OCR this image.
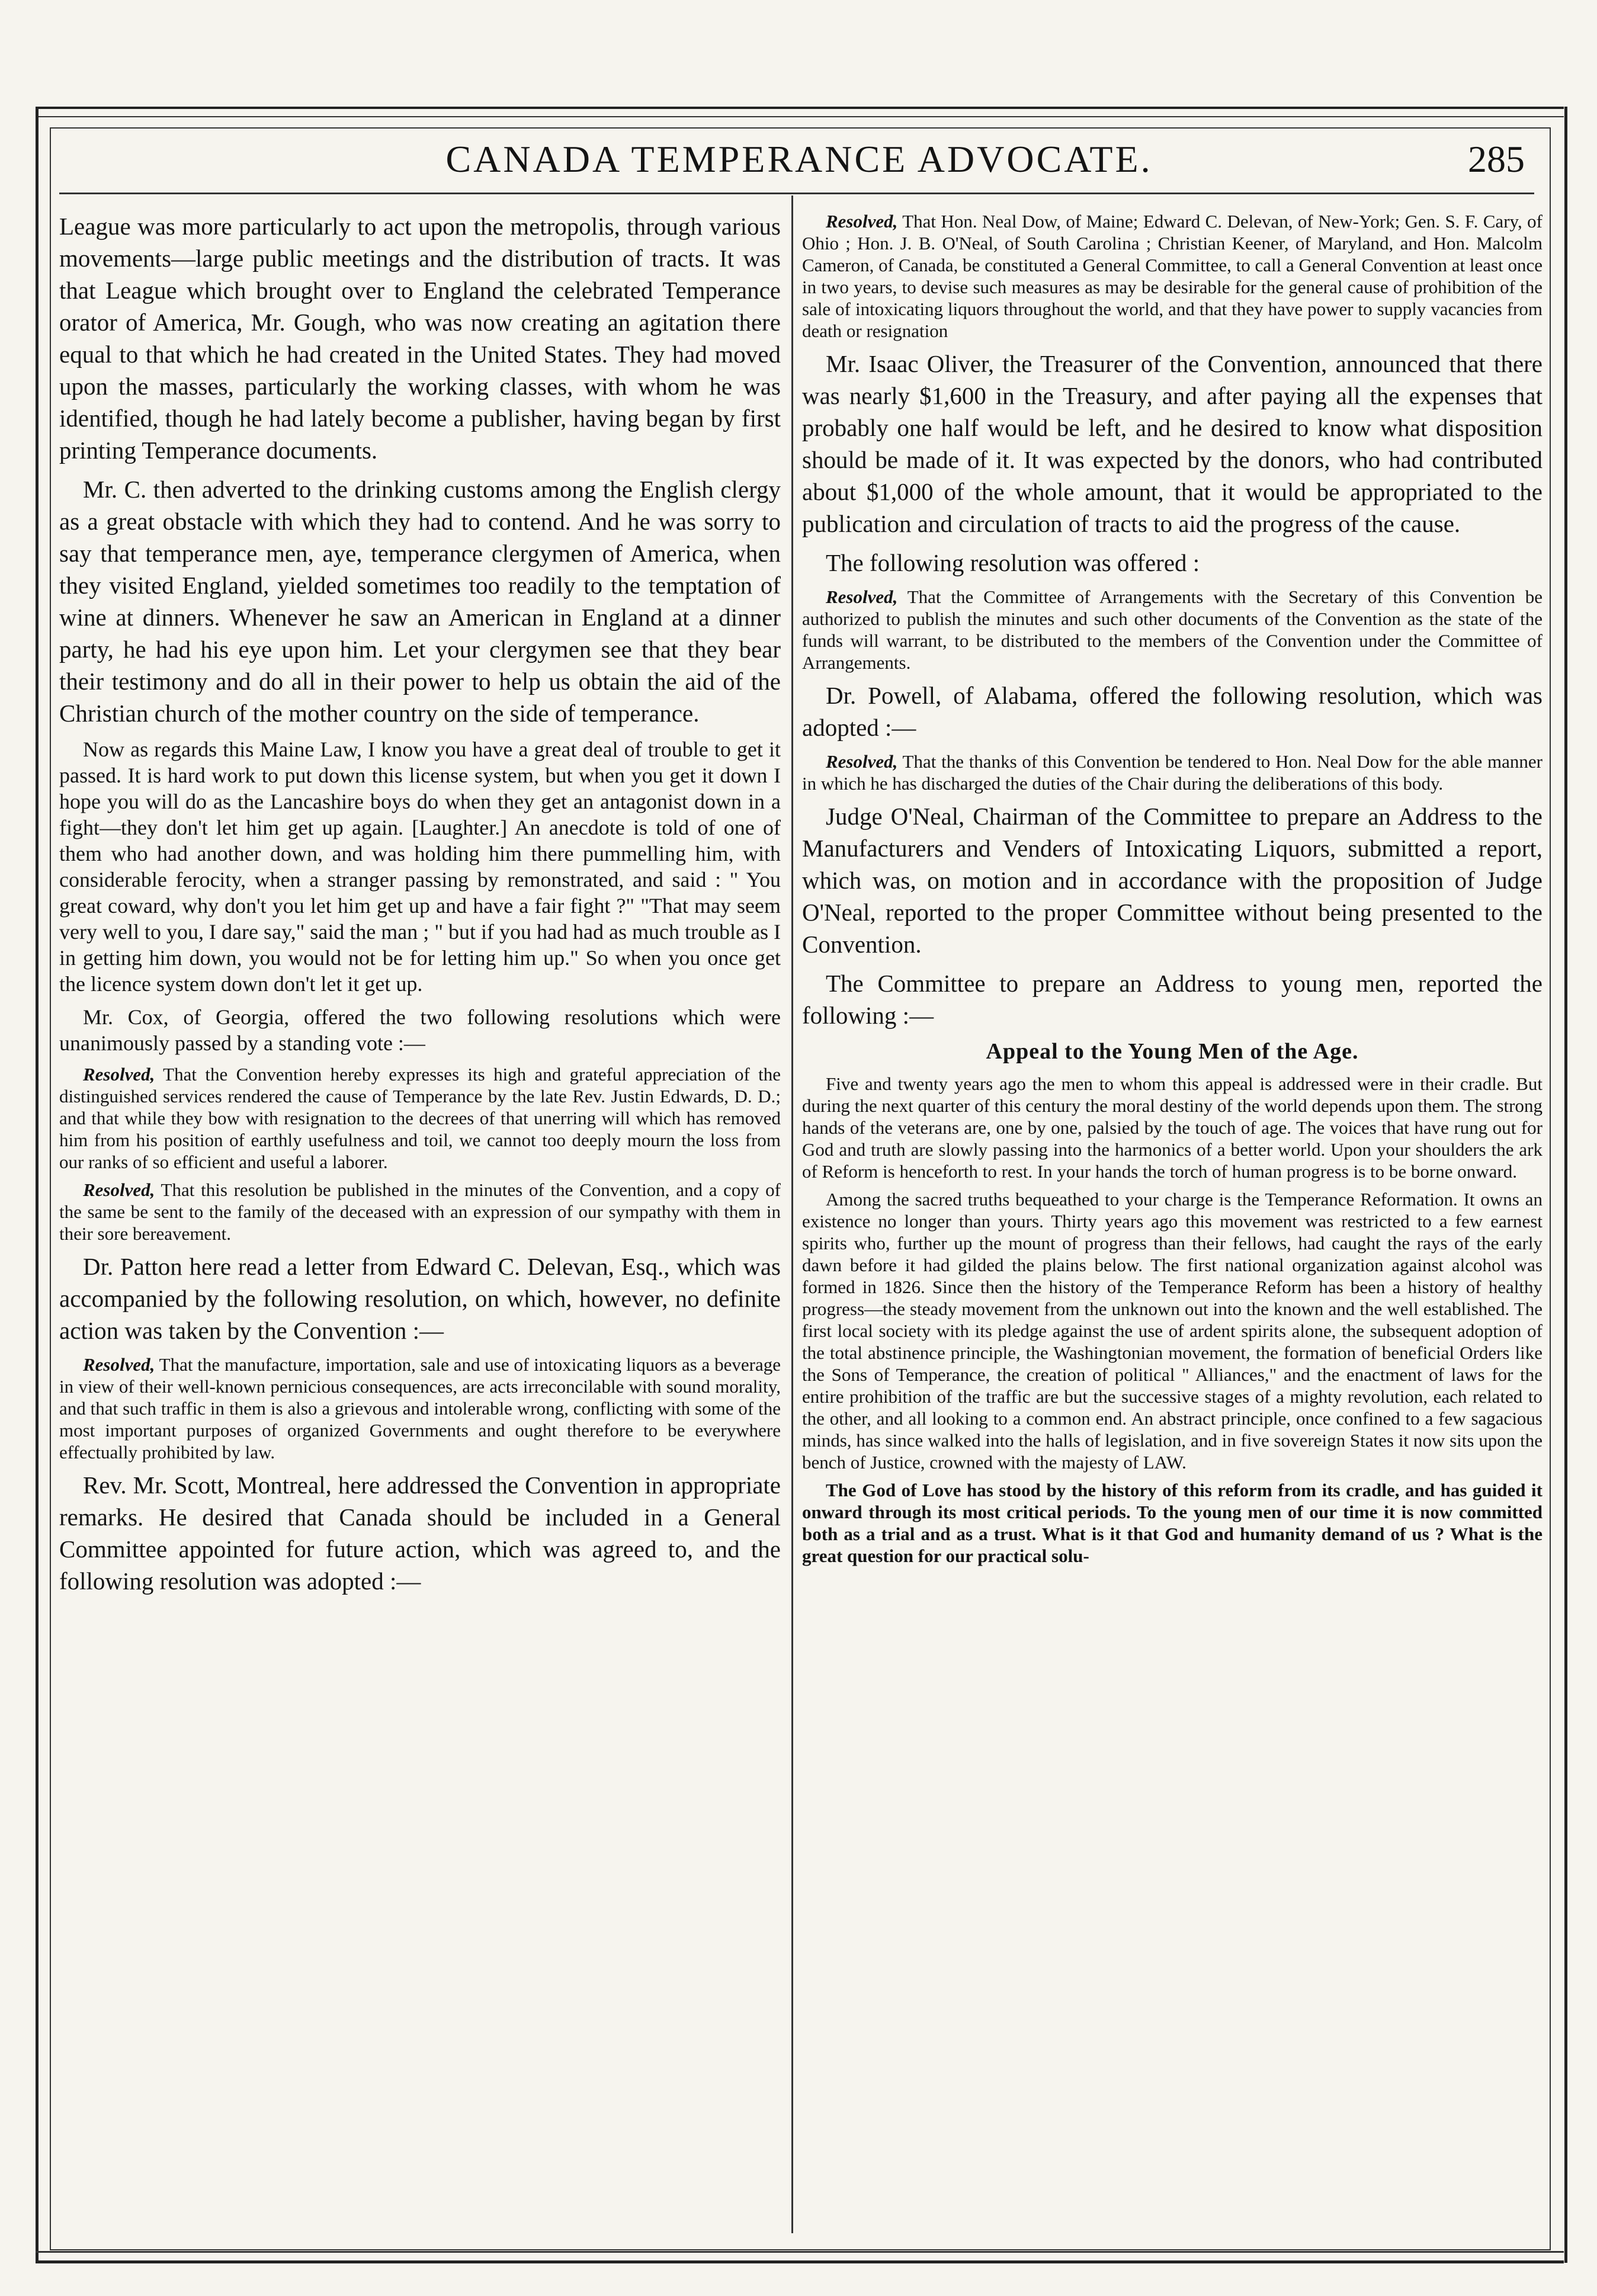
CANADA TEMPERANCE ADVOCATE.	285

League was more particularly to act upon the metropolis, through various movements—large public meetings and the distribution of tracts. It was that League which brought over to England the celebrated Temperance orator of America, Mr. Gough, who was now creating an agitation there equal to that which he had created in the United States. They had moved upon the masses, particularly the working classes, with whom he was identified, though he had lately become a publisher, having began by first printing Temperance documents.

Mr. C. then adverted to the drinking customs among the English clergy as a great obstacle with which they had to contend. And he was sorry to say that temperance men, aye, temperance clergymen of America, when they visited England, yielded sometimes too readily to the temptation of wine at dinners. Whenever he saw an American in England at a dinner party, he had his eye upon him. Let your clergymen see that they bear their testimony and do all in their power to help us obtain the aid of the Christian church of the mother country on the side of temperance.

Now as regards this Maine Law, I know you have a great deal of trouble to get it passed. It is hard work to put down this license system, but when you get it down I hope you will do as the Lancashire boys do when they get an antagonist down in a fight—they don't let him get up again. [Laughter.] An anecdote is told of one of them who had another down, and was holding him there pummelling him, with considerable ferocity, when a stranger passing by remonstrated, and said : " You great coward, why don't you let him get up and have a fair fight ?" "That may seem very well to you, I dare say," said the man ; " but if you had had as much trouble as I in getting him down, you would not be for letting him up." So when you once get the licence system down don't let it get up.

Mr. Cox, of Georgia, offered the two following resolutions which were unanimously passed by a standing vote :—

Resolved, That the Convention hereby expresses its high and grateful appreciation of the distinguished services rendered the cause of Temperance by the late Rev. Justin Edwards, D. D.; and that while they bow with resignation to the decrees of that unerring will which has removed him from his position of earthly usefulness and toil, we cannot too deeply mourn the loss from our ranks of so efficient and useful a laborer.

Resolved, That this resolution be published in the minutes of the Convention, and a copy of the same be sent to the family of the deceased with an expression of our sympathy with them in their sore bereavement.

Dr. Patton here read a letter from Edward C. Delevan, Esq., which was accompanied by the following resolution, on which, however, no definite action was taken by the Convention :—

Resolved, That the manufacture, importation, sale and use of intoxicating liquors as a beverage in view of their well-known pernicious consequences, are acts irreconcilable with sound morality, and that such traffic in them is also a grievous and intolerable wrong, conflicting with some of the most important purposes of organized Governments and ought therefore to be everywhere effectually prohibited by law.

Rev. Mr. Scott, Montreal, here addressed the Convention in appropriate remarks. He desired that Canada should be included in a General Committee appointed for future action, which was agreed to, and the following resolution was adopted :—

Resolved, That Hon. Neal Dow, of Maine; Edward C. Delevan, of New-York; Gen. S. F. Cary, of Ohio ; Hon. J. B. O'Neal, of South Carolina ; Christian Keener, of Maryland, and Hon. Malcolm Cameron, of Canada, be constituted a General Committee, to call a General Convention at least once in two years, to devise such measures as may be desirable for the general cause of prohibition of the sale of intoxicating liquors throughout the world, and that they have power to supply vacancies from death or resignation

Mr. Isaac Oliver, the Treasurer of the Convention, announced that there was nearly $1,600 in the Treasury, and after paying all the expenses that probably one half would be left, and he desired to know what disposition should be made of it. It was expected by the donors, who had contributed about $1,000 of the whole amount, that it would be appropriated to the publication and circulation of tracts to aid the progress of the cause.

The following resolution was offered :

Resolved, That the Committee of Arrangements with the Secretary of this Convention be authorized to publish the minutes and such other documents of the Convention as the state of the funds will warrant, to be distributed to the members of the Convention under the Committee of Arrangements.

Dr. Powell, of Alabama, offered the following resolution, which was adopted :—

Resolved, That the thanks of this Convention be tendered to Hon. Neal Dow for the able manner in which he has discharged the duties of the Chair during the deliberations of this body.

Judge O'Neal, Chairman of the Committee to prepare an Address to the Manufacturers and Venders of Intoxicating Liquors, submitted a report, which was, on motion and in accordance with the proposition of Judge O'Neal, reported to the proper Committee without being presented to the Convention.

The Committee to prepare an Address to young men, reported the following :—

Appeal to the Young Men of the Age.

Five and twenty years ago the men to whom this appeal is addressed were in their cradle. But during the next quarter of this century the moral destiny of the world depends upon them. The strong hands of the veterans are, one by one, palsied by the touch of age. The voices that have rung out for God and truth are slowly passing into the harmonics of a better world. Upon your shoulders the ark of Reform is henceforth to rest. In your hands the torch of human progress is to be borne onward.

Among the sacred truths bequeathed to your charge is the Temperance Reformation. It owns an existence no longer than yours. Thirty years ago this movement was restricted to a few earnest spirits who, further up the mount of progress than their fellows, had caught the rays of the early dawn before it had gilded the plains below. The first national organization against alcohol was formed in 1826. Since then the history of the Temperance Reform has been a history of healthy progress—the steady movement from the unknown out into the known and the well established. The first local society with its pledge against the use of ardent spirits alone, the subsequent adoption of the total abstinence principle, the Washingtonian movement, the formation of beneficial Orders like the Sons of Temperance, the creation of political " Alliances," and the enactment of laws for the entire prohibition of the traffic are but the successive stages of a mighty revolution, each related to the other, and all looking to a common end. An abstract principle, once confined to a few sagacious minds, has since walked into the halls of legislation, and in five sovereign States it now sits upon the bench of Justice, crowned with the majesty of LAW.

The God of Love has stood by the history of this reform from its cradle, and has guided it onward through its most critical periods. To the young men of our time it is now committed both as a trial and as a trust. What is it that God and humanity demand of us ? What is the great question for our practical solu-
